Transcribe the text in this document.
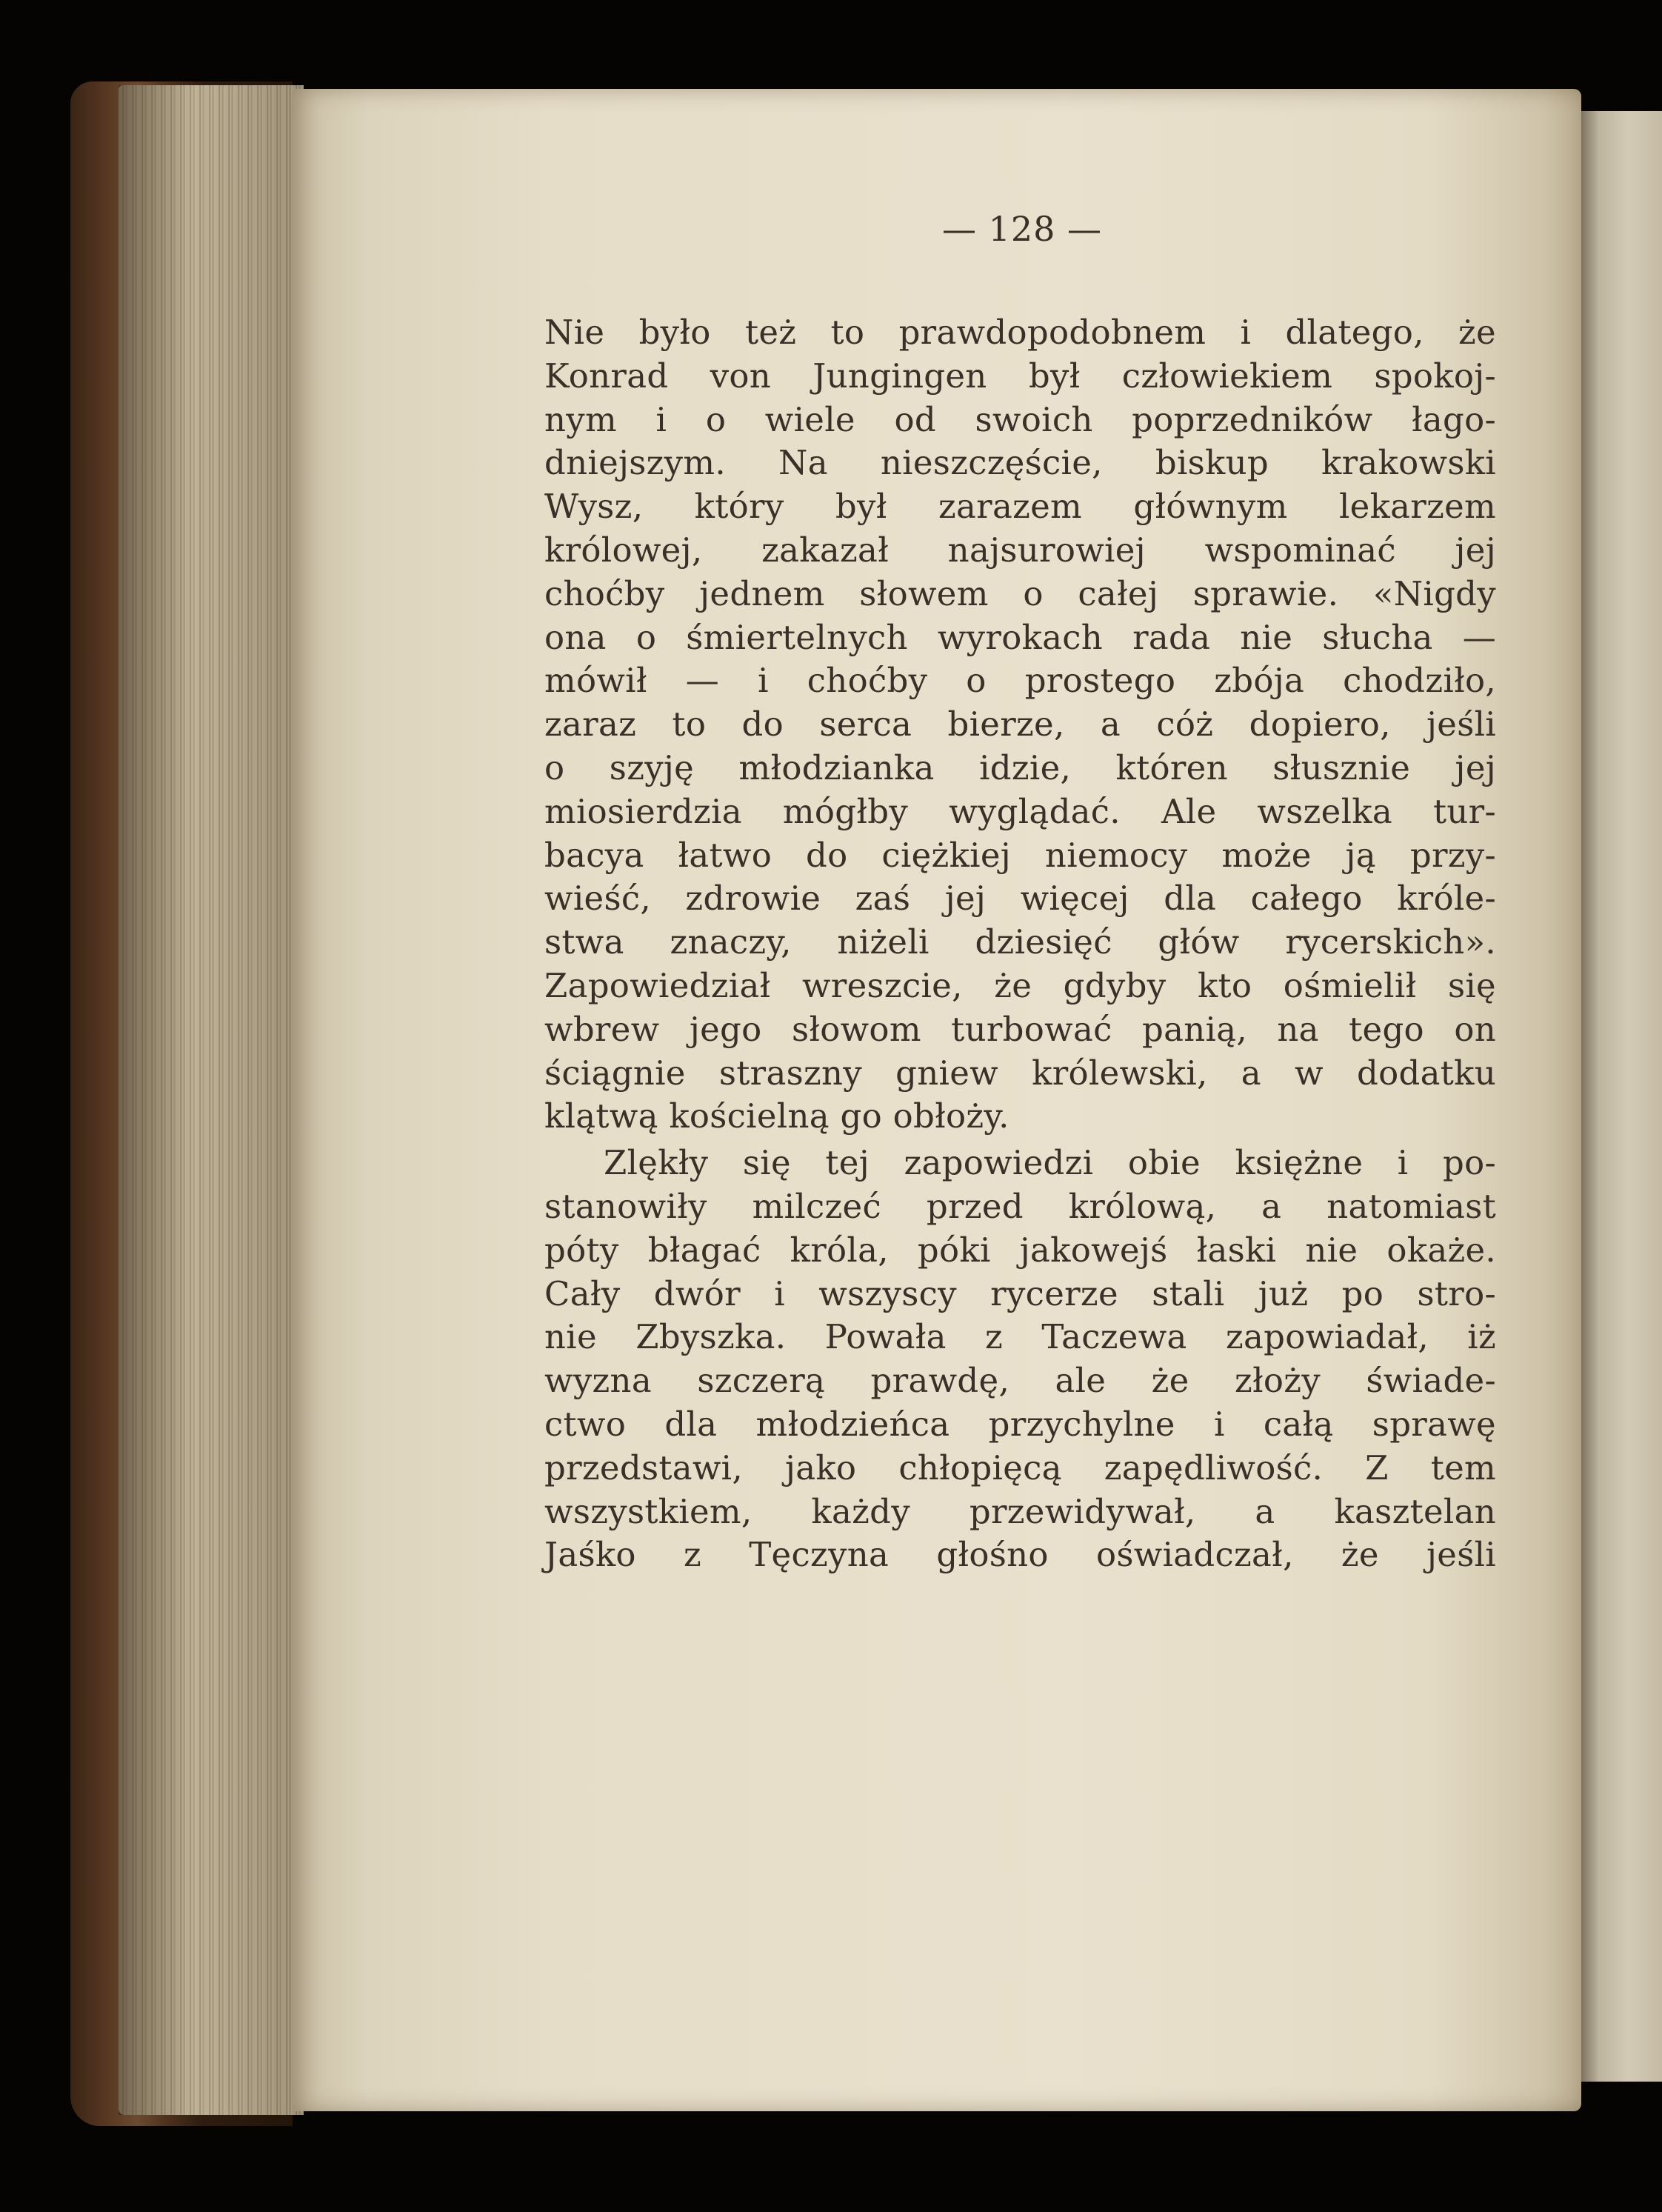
— 128 —
Nie było też to prawdopodobnem i dlatego, że
Konrad von Jungingen był człowiekiem spokoj-
nym i o wiele od swoich poprzedników łago-
dniejszym. Na nieszczęście, biskup krakowski
Wysz, który był zarazem głównym lekarzem
królowej, zakazał najsurowiej wspominać jej
choćby jednem słowem o całej sprawie. «Nigdy
ona o śmiertelnych wyrokach rada nie słucha —
mówił — i choćby o prostego zbója chodziło,
zaraz to do serca bierze, a cóż dopiero, jeśli
o szyję młodzianka idzie, któren słusznie jej
miosierdzia mógłby wyglądać. Ale wszelka tur-
bacya łatwo do ciężkiej niemocy może ją przy-
wieść, zdrowie zaś jej więcej dla całego króle-
stwa znaczy, niżeli dziesięć głów rycerskich».
Zapowiedział wreszcie, że gdyby kto ośmielił się
wbrew jego słowom turbować panią, na tego on
ściągnie straszny gniew królewski, a w dodatku
klątwą kościelną go obłoży.
Zlękły się tej zapowiedzi obie księżne i po-
stanowiły milczeć przed królową, a natomiast
póty błagać króla, póki jakowejś łaski nie okaże.
Cały dwór i wszyscy rycerze stali już po stro-
nie Zbyszka. Powała z Taczewa zapowiadał, iż
wyzna szczerą prawdę, ale że złoży świade-
ctwo dla młodzieńca przychylne i całą sprawę
przedstawi, jako chłopięcą zapędliwość. Z tem
wszystkiem, każdy przewidywał, a kasztelan
Jaśko z Tęczyna głośno oświadczał, że jeśli
